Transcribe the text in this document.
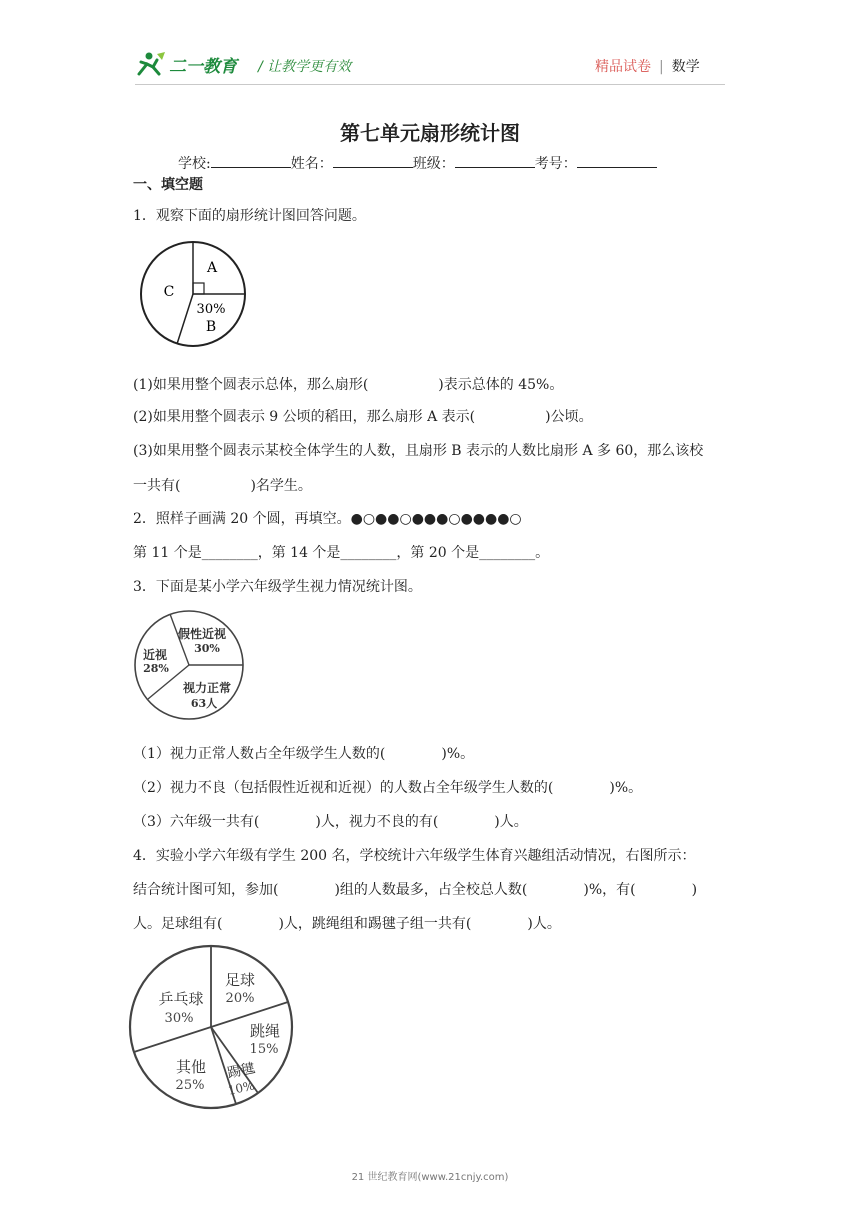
二一教育 / 让教学更有效	精品试卷 | 数学
第七单元扇形统计图
学校:	姓名：	班级：	考号：
一、填空题
1．观察下面的扇形统计图回答问题。
A
C
30%
B
(1)如果用整个圆表示总体，那么扇形(　　　　　)表示总体的 45%。
(2)如果用整个圆表示 9 公顷的稻田，那么扇形 A 表示(　　　　　)公顷。
(3)如果用整个圆表示某校全体学生的人数，且扇形 B 表示的人数比扇形 A 多 60，那么该校
一共有(　　　　　)名学生。
2．照样子画满 20 个圆，再填空。●○●●○●●●○●●●●○
第 11 个是________，第 14 个是________，第 20 个是________。
3．下面是某小学六年级学生视力情况统计图。
假性近视
30%
近视
28%
视力正常
63人
（1）视力正常人数占全年级学生人数的(　　　　)%。
（2）视力不良（包括假性近视和近视）的人数占全年级学生人数的(　　　　)%。
（3）六年级一共有(　　　　)人，视力不良的有(　　　　)人。
4．实验小学六年级有学生 200 名，学校统计六年级学生体育兴趣组活动情况，右图所示：
结合统计图可知，参加(　　　　)组的人数最多，占全校总人数(　　　　)%，有(　　　　)
人。足球组有(　　　　)人，跳绳组和踢毽子组一共有(　　　　)人。
乒乓球
30%
足球
20%
跳绳
15%
踢毽
10%
其他
25%
21 世纪教育网(www.21cnjy.com)
